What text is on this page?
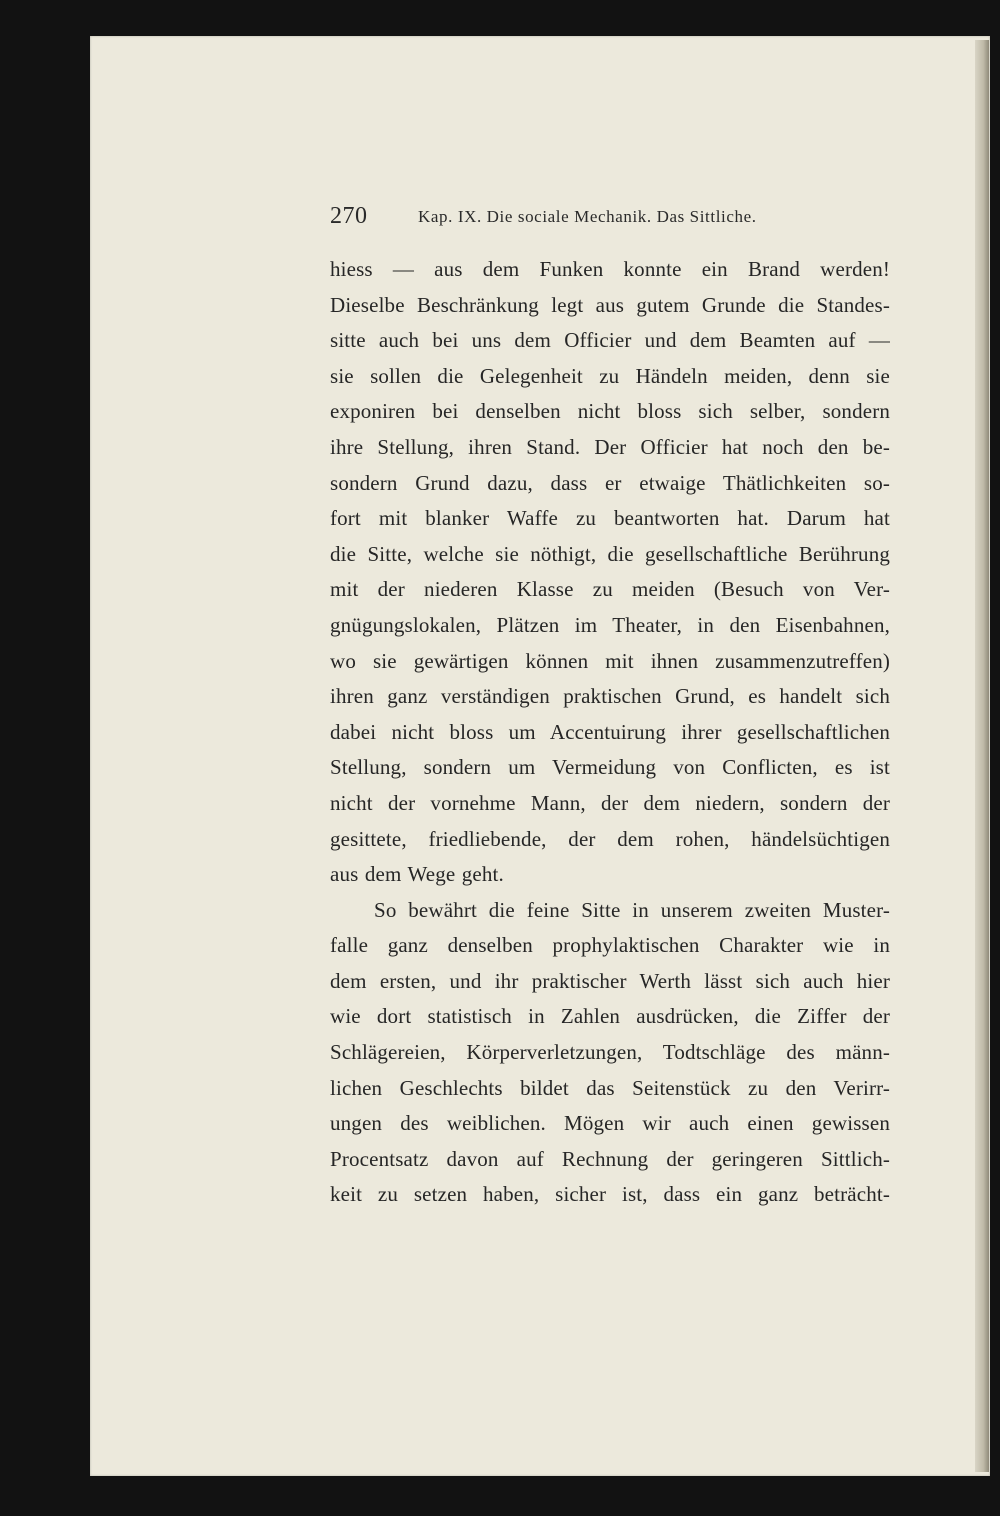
270	Kap. IX. Die sociale Mechanik. Das Sittliche.
hiess — aus dem Funken konnte ein Brand werden!
Dieselbe Beschränkung legt aus gutem Grunde die Standes-
sitte auch bei uns dem Officier und dem Beamten auf —
sie sollen die Gelegenheit zu Händeln meiden, denn sie
exponiren bei denselben nicht bloss sich selber, sondern
ihre Stellung, ihren Stand. Der Officier hat noch den be-
sondern Grund dazu, dass er etwaige Thätlichkeiten so-
fort mit blanker Waffe zu beantworten hat. Darum hat
die Sitte, welche sie nöthigt, die gesellschaftliche Berührung
mit der niederen Klasse zu meiden (Besuch von Ver-
gnügungslokalen, Plätzen im Theater, in den Eisenbahnen,
wo sie gewärtigen können mit ihnen zusammenzutreffen)
ihren ganz verständigen praktischen Grund, es handelt sich
dabei nicht bloss um Accentuirung ihrer gesellschaftlichen
Stellung, sondern um Vermeidung von Conflicten, es ist
nicht der vornehme Mann, der dem niedern, sondern der
gesittete, friedliebende, der dem rohen, händelsüchtigen
aus dem Wege geht.
So bewährt die feine Sitte in unserem zweiten Muster-
falle ganz denselben prophylaktischen Charakter wie in
dem ersten, und ihr praktischer Werth lässt sich auch hier
wie dort statistisch in Zahlen ausdrücken, die Ziffer der
Schlägereien, Körperverletzungen, Todtschläge des männ-
lichen Geschlechts bildet das Seitenstück zu den Verirr-
ungen des weiblichen. Mögen wir auch einen gewissen
Procentsatz davon auf Rechnung der geringeren Sittlich-
keit zu setzen haben, sicher ist, dass ein ganz beträcht-
